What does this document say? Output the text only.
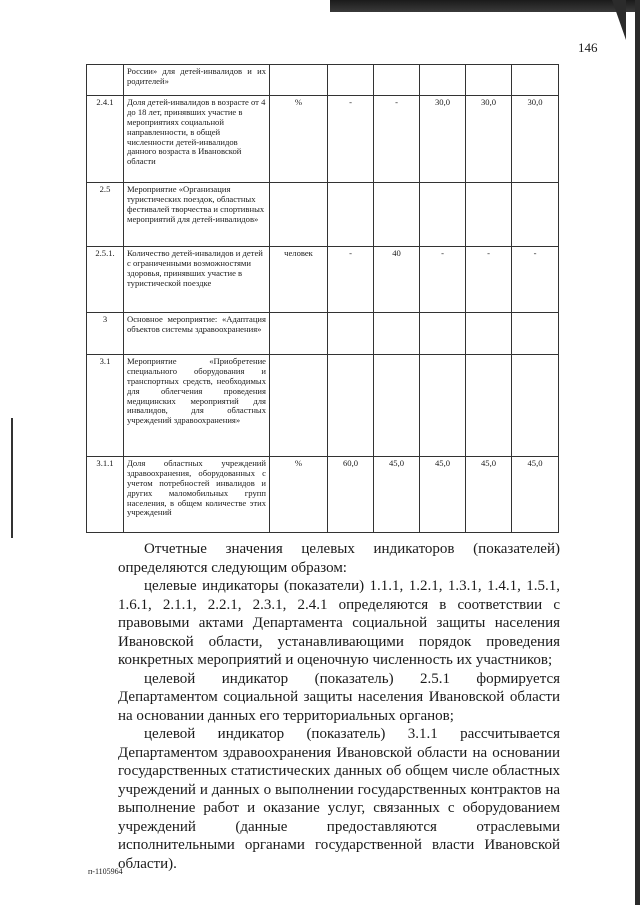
146
	России» для детей-инвалидов и их родителей»						
2.4.1	Доля детей-инвалидов в возрасте от 4 до 18 лет, принявших участие в мероприятиях социальной направленности, в общей численности детей-инвалидов данного возраста в Ивановской области	%	-	-	30,0	30,0	30,0
2.5	Мероприятие «Организация туристических поездок, областных фестивалей творчества и спортивных мероприятий для детей-инвалидов»						
2.5.1.	Количество детей-инвалидов и детей с ограниченными возможностями здоровья, принявших участие в туристической поездке	человек	-	40	-	-	-
3	Основное мероприятие: «Адаптация объектов системы здравоохранения»						
3.1	Мероприятие «Приобретение специального оборудования и транспортных средств, необходимых для облегчения проведения медицинских мероприятий для инвалидов, для областных учреждений здравоохранения»						
3.1.1	Доля областных учреждений здравоохранения, оборудованных с учетом потребностей инвалидов и других маломобильных групп населения, в общем количестве этих учреждений	%	60,0	45,0	45,0	45,0	45,0

Отчетные значения целевых индикаторов (показателей) определяются следующим образом:

целевые индикаторы (показатели) 1.1.1, 1.2.1, 1.3.1, 1.4.1, 1.5.1, 1.6.1, 2.1.1, 2.2.1, 2.3.1, 2.4.1 определяются в соответствии с правовыми актами Департамента социальной защиты населения Ивановской области, устанавливающими порядок проведения конкретных мероприятий и оценочную численность их участников;

целевой индикатор (показатель) 2.5.1 формируется Департаментом социальной защиты населения Ивановской области на основании данных его территориальных органов;

целевой индикатор (показатель) 3.1.1 рассчитывается Департаментом здравоохранения Ивановской области на основании государственных статистических данных об общем числе областных учреждений и данных о выполнении государственных контрактов на выполнение работ и оказание услуг, связанных с оборудованием учреждений (данные предоставляются отраслевыми исполнительными органами государственной власти Ивановской области).

п-1105964
